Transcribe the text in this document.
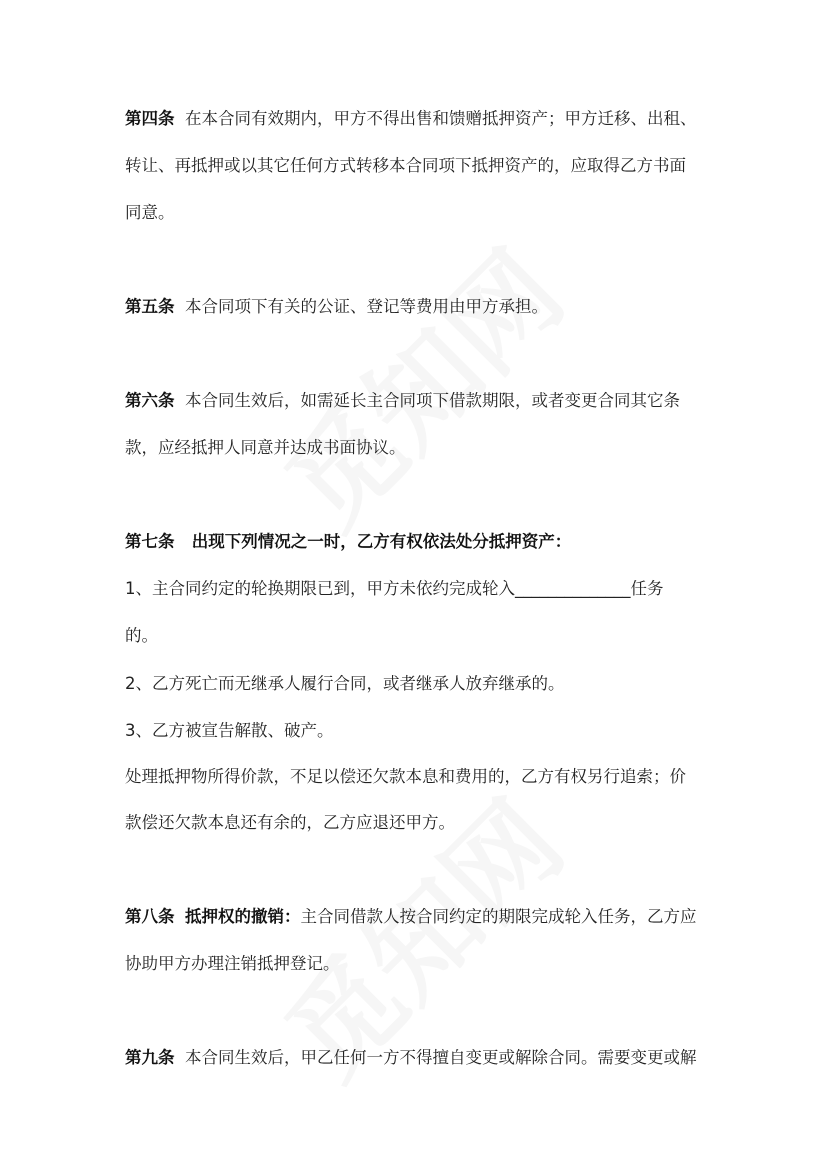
第四条 在本合同有效期内，甲方不得出售和馈赠抵押资产；甲方迁移、出租、
转让、再抵押或以其它任何方式转移本合同项下抵押资产的，应取得乙方书面
同意。
第五条 本合同项下有关的公证、登记等费用由甲方承担。
第六条 本合同生效后，如需延长主合同项下借款期限，或者变更合同其它条
款，应经抵押人同意并达成书面协议。
第七条 出现下列情况之一时，乙方有权依法处分抵押资产：
1、主合同约定的轮换期限已到，甲方未依约完成轮入______________任务
的。
2、乙方死亡而无继承人履行合同，或者继承人放弃继承的。
3、乙方被宣告解散、破产。
处理抵押物所得价款，不足以偿还欠款本息和费用的，乙方有权另行追索；价
款偿还欠款本息还有余的，乙方应退还甲方。
第八条 抵押权的撤销：主合同借款人按合同约定的期限完成轮入任务，乙方应
协助甲方办理注销抵押登记。
第九条 本合同生效后，甲乙任何一方不得擅自变更或解除合同。需要变更或解
